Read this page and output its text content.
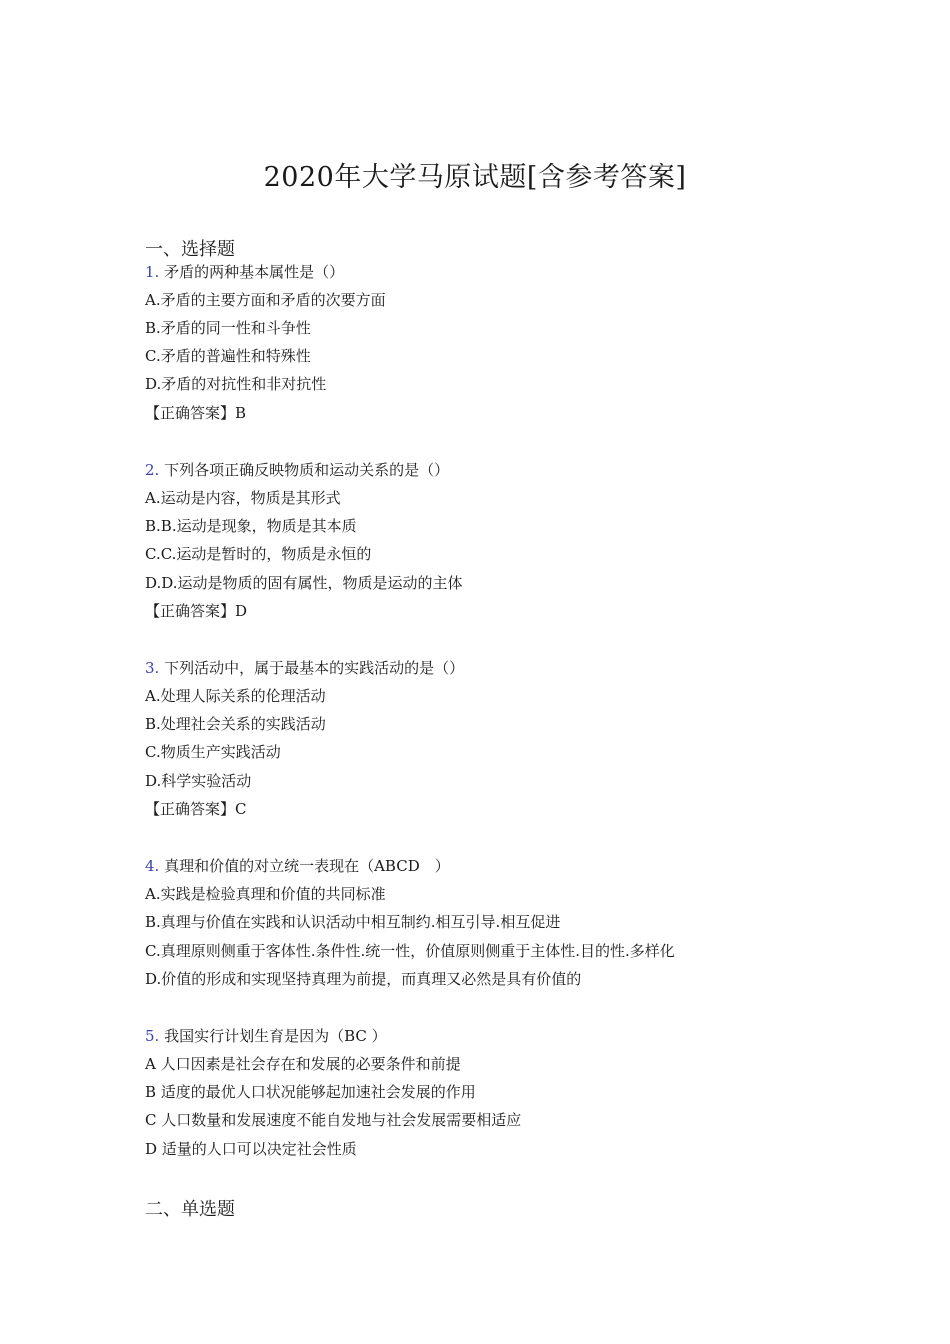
2020年大学马原试题[含参考答案]
一、选择题
1. 矛盾的两种基本属性是（）
A.矛盾的主要方面和矛盾的次要方面
B.矛盾的同一性和斗争性
C.矛盾的普遍性和特殊性
D.矛盾的对抗性和非对抗性
【正确答案】B
2. 下列各项正确反映物质和运动关系的是（）
A.运动是内容，物质是其形式
B.B.运动是现象，物质是其本质
C.C.运动是暂时的，物质是永恒的
D.D.运动是物质的固有属性，物质是运动的主体
【正确答案】D
3. 下列活动中，属于最基本的实践活动的是（）
A.处理人际关系的伦理活动
B.处理社会关系的实践活动
C.物质生产实践活动
D.科学实验活动
【正确答案】C
4. 真理和价值的对立统一表现在（ABCD　）
A.实践是检验真理和价值的共同标准
B.真理与价值在实践和认识活动中相互制约.相互引导.相互促进
C.真理原则侧重于客体性.条件性.统一性，价值原则侧重于主体性.目的性.多样化
D.价值的形成和实现坚持真理为前提，而真理又必然是具有价值的
5. 我国实行计划生育是因为（BC ）
A 人口因素是社会存在和发展的必要条件和前提
B 适度的最优人口状况能够起加速社会发展的作用
C 人口数量和发展速度不能自发地与社会发展需要相适应
D 适量的人口可以决定社会性质
二、单选题
